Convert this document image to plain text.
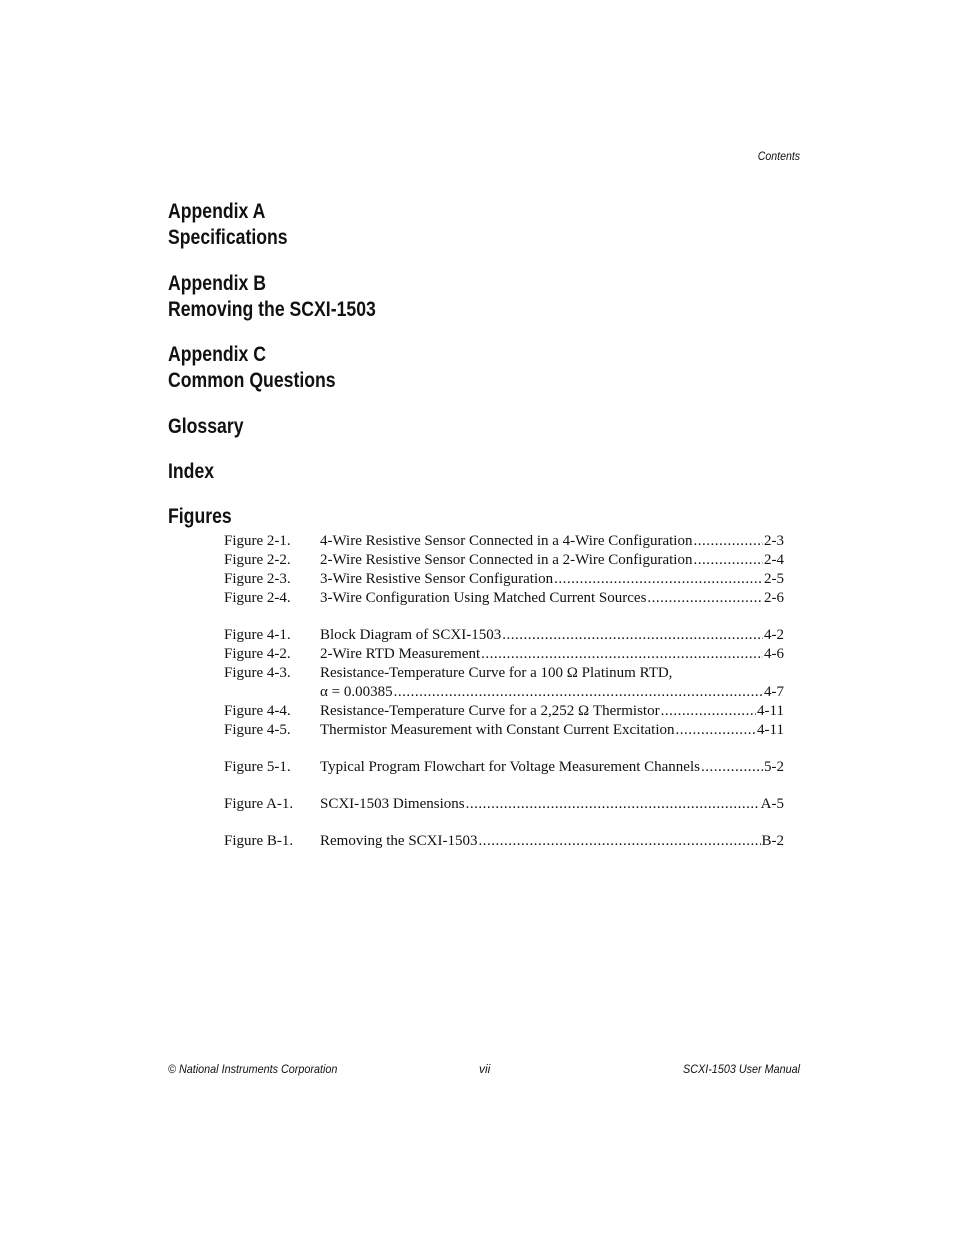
Contents
Appendix A
Specifications
Appendix B
Removing the SCXI-1503
Appendix C
Common Questions
Glossary
Index
Figures
Figure 2-1. 4-Wire Resistive Sensor Connected in a 4-Wire Configuration .....	2-3
Figure 2-2. 2-Wire Resistive Sensor Connected in a 2-Wire Configuration .....	2-4
Figure 2-3. 3-Wire Resistive Sensor Configuration .....	2-5
Figure 2-4. 3-Wire Configuration Using Matched Current Sources .....	2-6
Figure 4-1. Block Diagram of SCXI-1503 .....	4-2
Figure 4-2. 2-Wire RTD Measurement .....	4-6
Figure 4-3. Resistance-Temperature Curve for a 100 Ω Platinum RTD,
α = 0.00385 .....	4-7
Figure 4-4. Resistance-Temperature Curve for a 2,252 Ω Thermistor .....	4-11
Figure 4-5. Thermistor Measurement with Constant Current Excitation .....	4-11
Figure 5-1. Typical Program Flowchart for Voltage Measurement Channels .....	5-2
Figure A-1. SCXI-1503 Dimensions .....	A-5
Figure B-1. Removing the SCXI-1503 .....	B-2
© National Instruments Corporation	vii	SCXI-1503 User Manual
